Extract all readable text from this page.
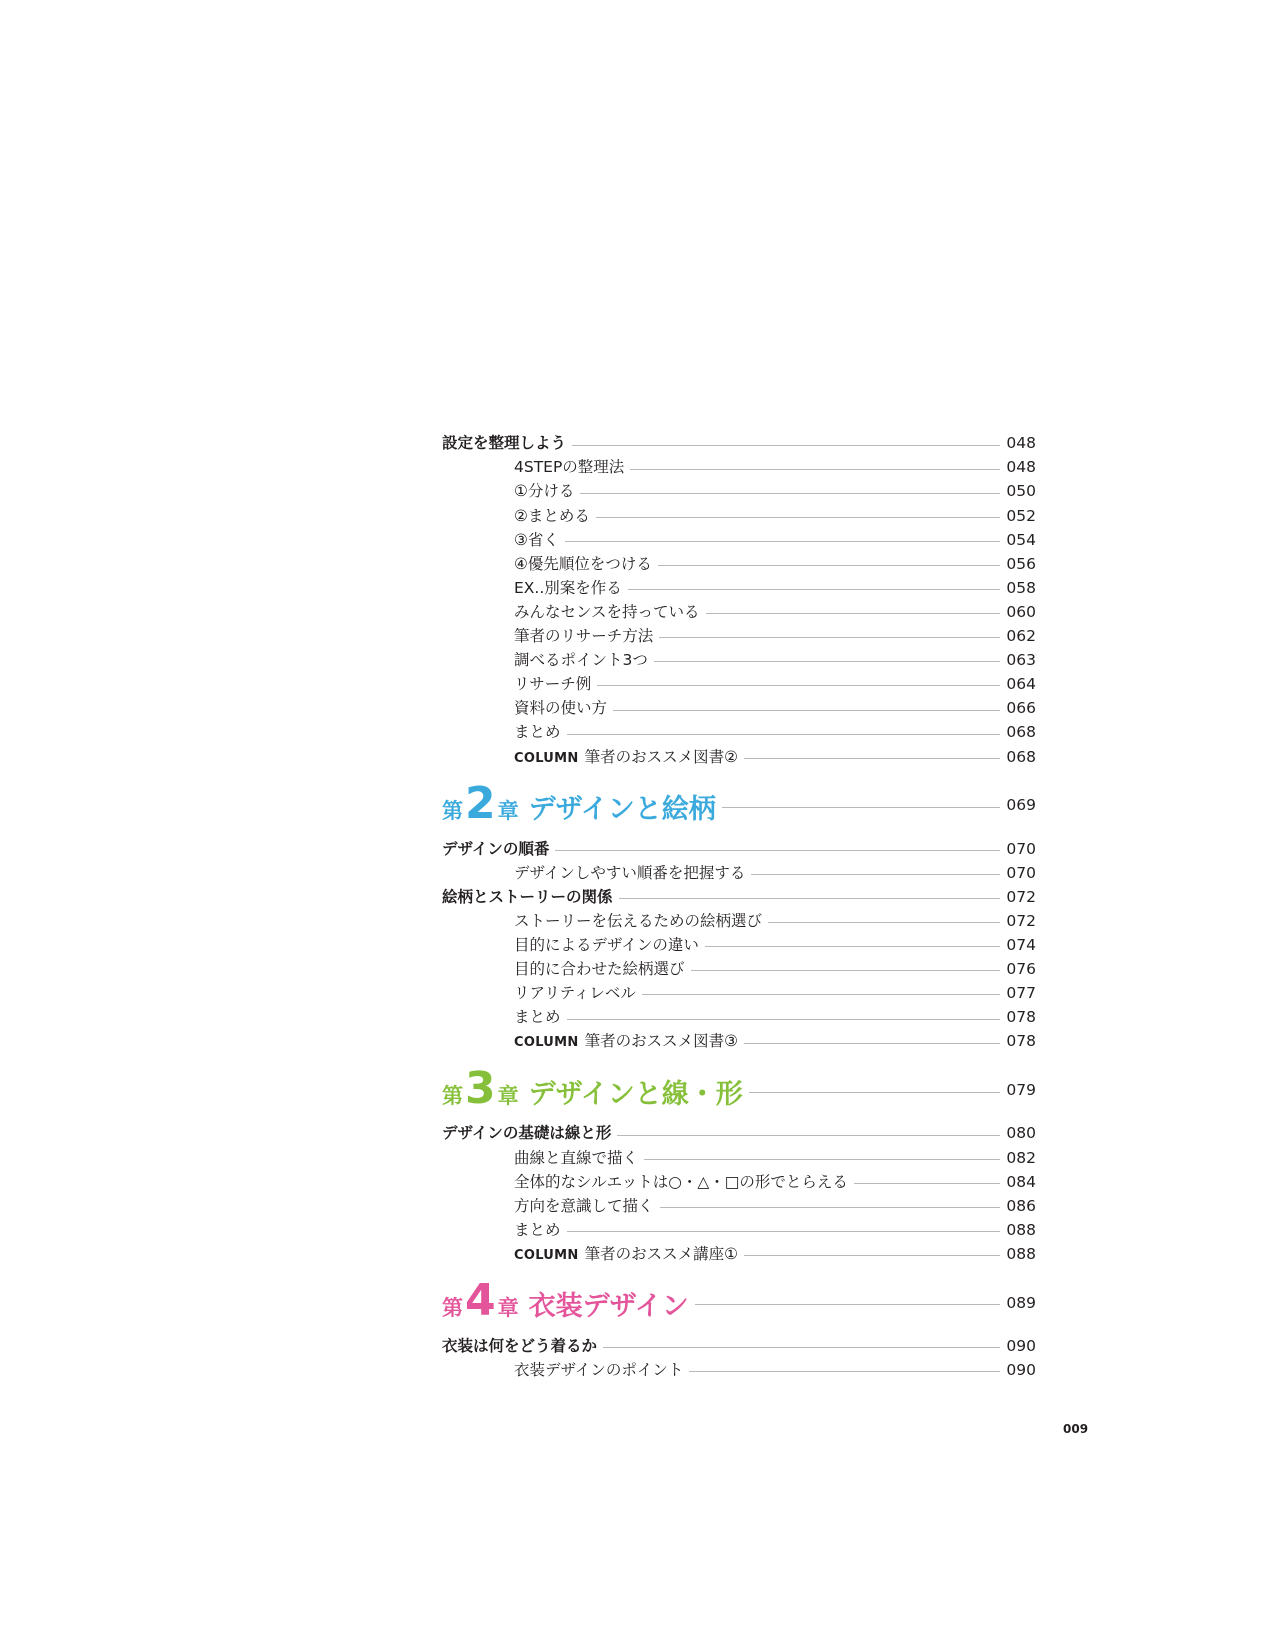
設定を整理しよう	048
4STEPの整理法	048
①分ける	050
②まとめる	052
③省く	054
④優先順位をつける	056
EX..別案を作る	058
みんなセンスを持っている	060
筆者のリサーチ方法	062
調べるポイント3つ	063
リサーチ例	064
資料の使い方	066
まとめ	068
COLUMN 筆者のおススメ図書②	068
第 2 章 デザインと絵柄	069
デザインの順番	070
デザインしやすい順番を把握する	070
絵柄とストーリーの関係	072
ストーリーを伝えるための絵柄選び	072
目的によるデザインの違い	074
目的に合わせた絵柄選び	076
リアリティレベル	077
まとめ	078
COLUMN 筆者のおススメ図書③	078
第 3 章 デザインと線・形	079
デザインの基礎は線と形	080
曲線と直線で描く	082
全体的なシルエットは○・△・□の形でとらえる	084
方向を意識して描く	086
まとめ	088
COLUMN 筆者のおススメ講座①	088
第 4 章 衣装デザイン	089
衣装は何をどう着るか	090
衣装デザインのポイント	090
009
